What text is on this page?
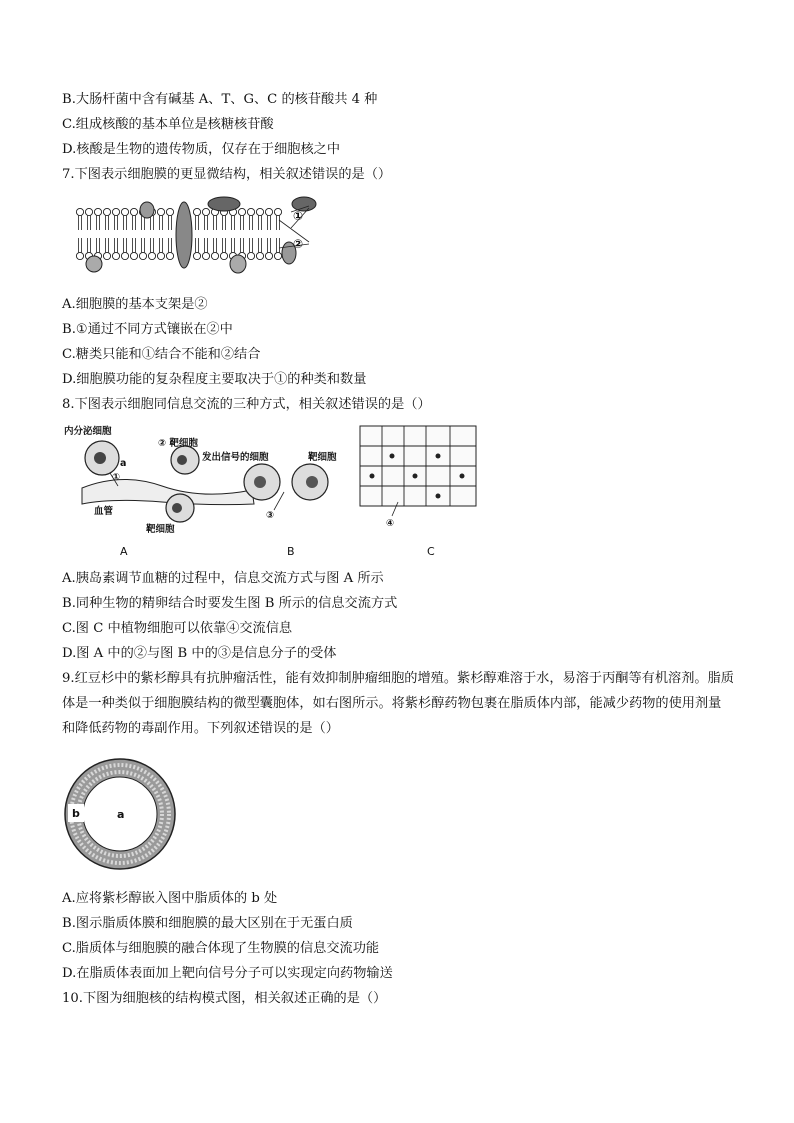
B.大肠杆菌中含有碱基 A、T、G、C 的核苷酸共 4 种
C.组成核酸的基本单位是核糖核苷酸
D.核酸是生物的遗传物质，仅存在于细胞核之中
7.下图表示细胞膜的更显微结构，相关叙述错误的是（）
①
②
A.细胞膜的基本支架是②
B.①通过不同方式镶嵌在②中
C.糖类只能和①结合不能和②结合
D.细胞膜功能的复杂程度主要取决于①的种类和数量
8.下图表示细胞同信息交流的三种方式，相关叙述错误的是（）
内分泌细胞
② 靶细胞
a
①
血管
靶细胞
发出信号的细胞	靶细胞
③
④
A	B	C
A.胰岛素调节血糖的过程中，信息交流方式与图 A 所示
B.同种生物的精卵结合时要发生图 B 所示的信息交流方式
C.图 C 中植物细胞可以依靠④交流信息
D.图 A 中的②与图 B 中的③是信息分子的受体
9.红豆杉中的紫杉醇具有抗肿瘤活性，能有效抑制肿瘤细胞的增殖。紫杉醇难溶于水，易溶于丙酮等有机溶剂。脂质体是一种类似于细胞膜结构的微型囊胞体，如右图所示。将紫杉醇药物包裹在脂质体内部，能减少药物的使用剂量和降低药物的毒副作用。下列叙述错误的是（）
b	a
A.应将紫杉醇嵌入图中脂质体的 b 处
B.图示脂质体膜和细胞膜的最大区别在于无蛋白质
C.脂质体与细胞膜的融合体现了生物膜的信息交流功能
D.在脂质体表面加上靶向信号分子可以实现定向药物输送
10.下图为细胞核的结构模式图，相关叙述正确的是（）
